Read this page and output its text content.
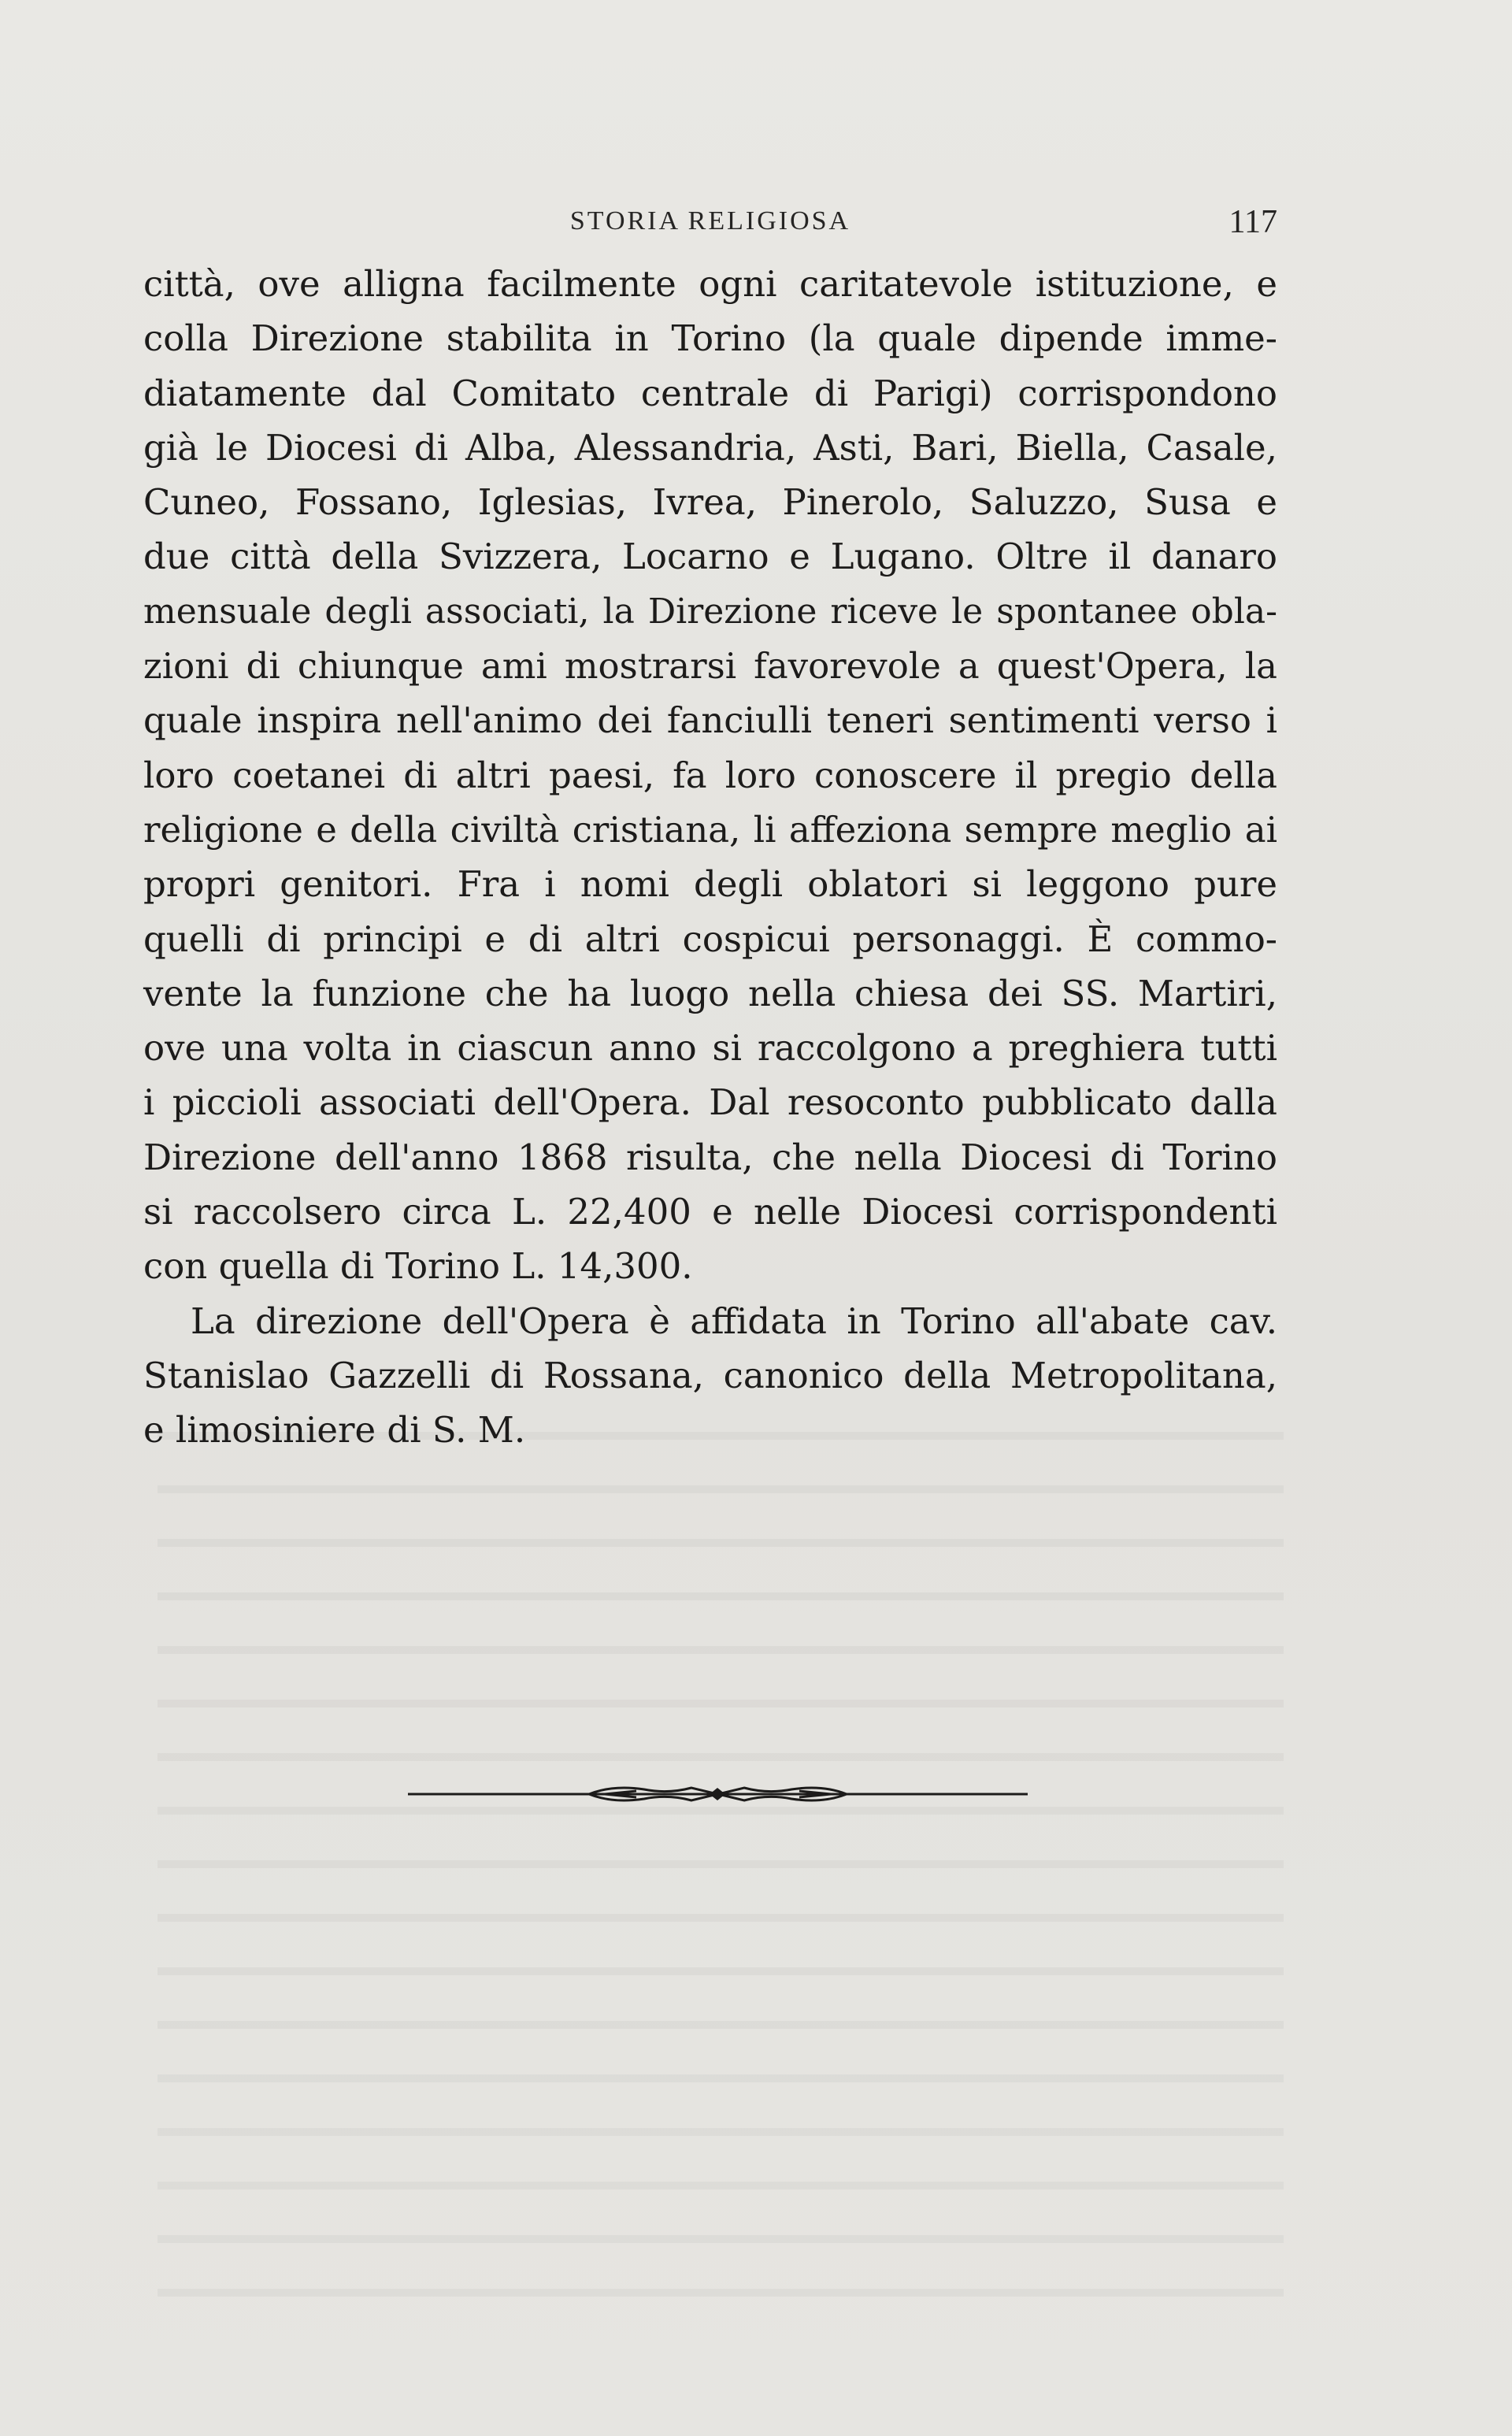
STORIA RELIGIOSA	117
città, ove alligna facilmente ogni caritatevole istituzione, e
colla Direzione stabilita in Torino (la quale dipende imme-
diatamente dal Comitato centrale di Parigi) corrispondono
già le Diocesi di Alba, Alessandria, Asti, Bari, Biella, Casale,
Cuneo, Fossano, Iglesias, Ivrea, Pinerolo, Saluzzo, Susa e
due città della Svizzera, Locarno e Lugano. Oltre il danaro
mensuale degli associati, la Direzione riceve le spontanee obla-
zioni di chiunque ami mostrarsi favorevole a quest'Opera, la
quale inspira nell'animo dei fanciulli teneri sentimenti verso i
loro coetanei di altri paesi, fa loro conoscere il pregio della
religione e della civiltà cristiana, li affeziona sempre meglio ai
propri genitori. Fra i nomi degli oblatori si leggono pure
quelli di principi e di altri cospicui personaggi. È commo-
vente la funzione che ha luogo nella chiesa dei SS. Martiri,
ove una volta in ciascun anno si raccolgono a preghiera tutti
i piccioli associati dell'Opera. Dal resoconto pubblicato dalla
Direzione dell'anno 1868 risulta, che nella Diocesi di Torino
si raccolsero circa L. 22,400 e nelle Diocesi corrispondenti
con quella di Torino L. 14,300.
La direzione dell'Opera è affidata in Torino all'abate cav.
Stanislao Gazzelli di Rossana, canonico della Metropolitana,
e limosiniere di S. M.
